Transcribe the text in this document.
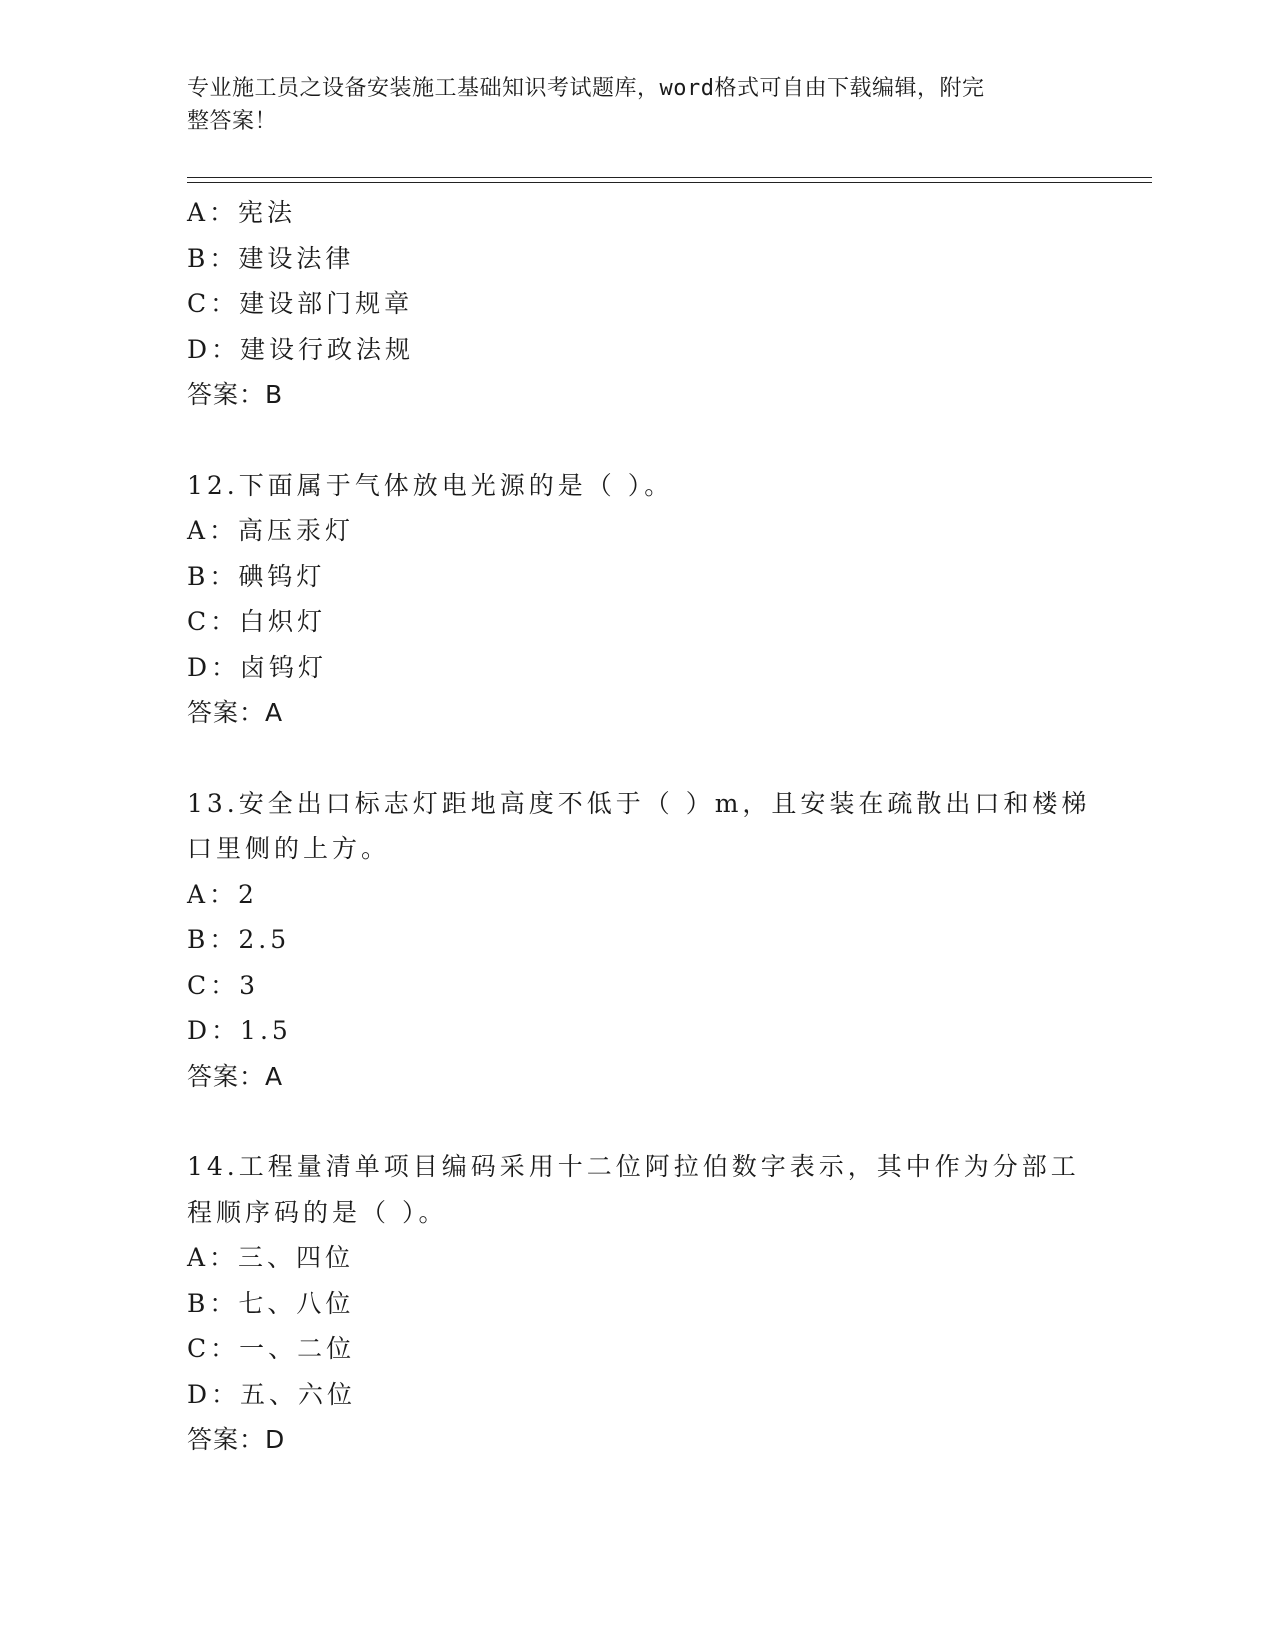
专业施工员之设备安装施工基础知识考试题库，word格式可自由下载编辑，附完
整答案！
A：宪法
B：建设法律
C：建设部门规章
D：建设行政法规
答案：B
12.下面属于气体放电光源的是（ ）。
A：高压汞灯
B：碘钨灯
C：白炽灯
D：卤钨灯
答案：A
13.安全出口标志灯距地高度不低于（ ）m，且安装在疏散出口和楼梯
口里侧的上方。
A：2
B：2.5
C：3
D：1.5
答案：A
14.工程量清单项目编码采用十二位阿拉伯数字表示，其中作为分部工
程顺序码的是（ ）。
A：三、四位
B：七、八位
C：一、二位
D：五、六位
答案：D
